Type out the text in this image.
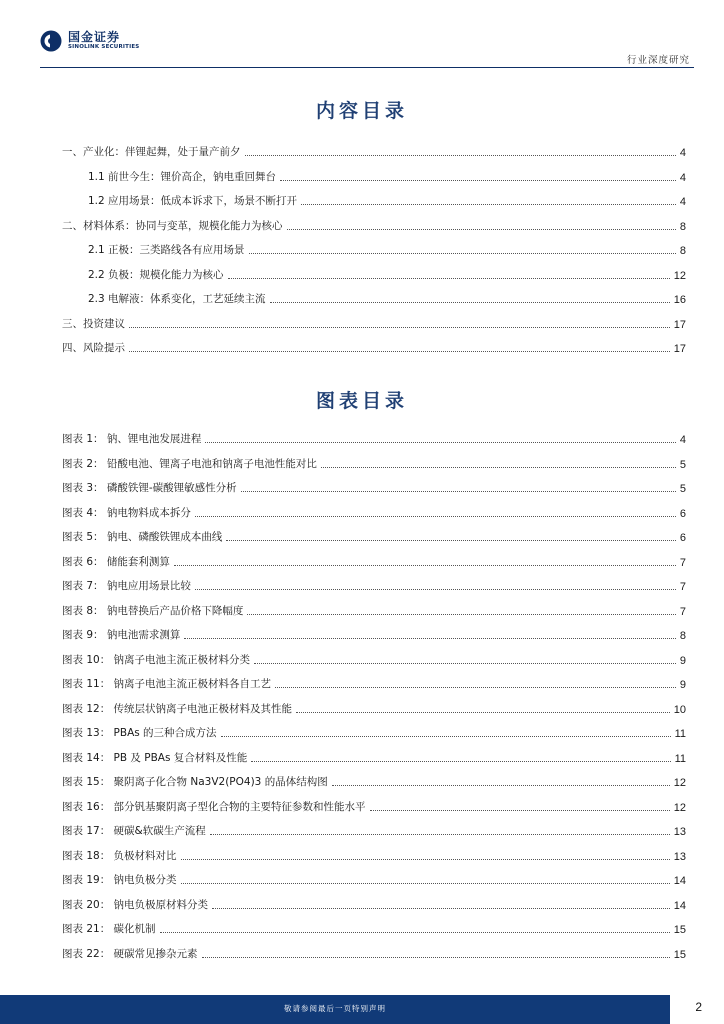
国金证券
SINOLINK SECURITIES
行业深度研究
内容目录
一、产业化：伴锂起舞，处于量产前夕	4
1.1 前世今生：锂价高企，钠电重回舞台	4
1.2 应用场景：低成本诉求下，场景不断打开	4
二、材料体系：协同与变革，规模化能力为核心	8
2.1 正极：三类路线各有应用场景	8
2.2 负极：规模化能力为核心	12
2.3 电解液：体系变化，工艺延续主流	16
三、投资建议	17
四、风险提示	17
图表目录
图表 1： 钠、锂电池发展进程	4
图表 2： 铅酸电池、锂离子电池和钠离子电池性能对比	5
图表 3： 磷酸铁锂-碳酸锂敏感性分析	5
图表 4： 钠电物料成本拆分	6
图表 5： 钠电、磷酸铁锂成本曲线	6
图表 6： 储能套利测算	7
图表 7： 钠电应用场景比较	7
图表 8： 钠电替换后产品价格下降幅度	7
图表 9： 钠电池需求测算	8
图表 10： 钠离子电池主流正极材料分类	9
图表 11： 钠离子电池主流正极材料各自工艺	9
图表 12： 传统层状钠离子电池正极材料及其性能	10
图表 13： PBAs 的三种合成方法	11
图表 14： PB 及 PBAs 复合材料及性能	11
图表 15： 聚阴离子化合物 Na3V2(PO4)3 的晶体结构图	12
图表 16： 部分钒基聚阴离子型化合物的主要特征参数和性能水平	12
图表 17： 硬碳&软碳生产流程	13
图表 18： 负极材料对比	13
图表 19： 钠电负极分类	14
图表 20： 钠电负极原材料分类	14
图表 21： 碳化机制	15
图表 22： 硬碳常见掺杂元素	15
敬请参阅最后一页特别声明	2
